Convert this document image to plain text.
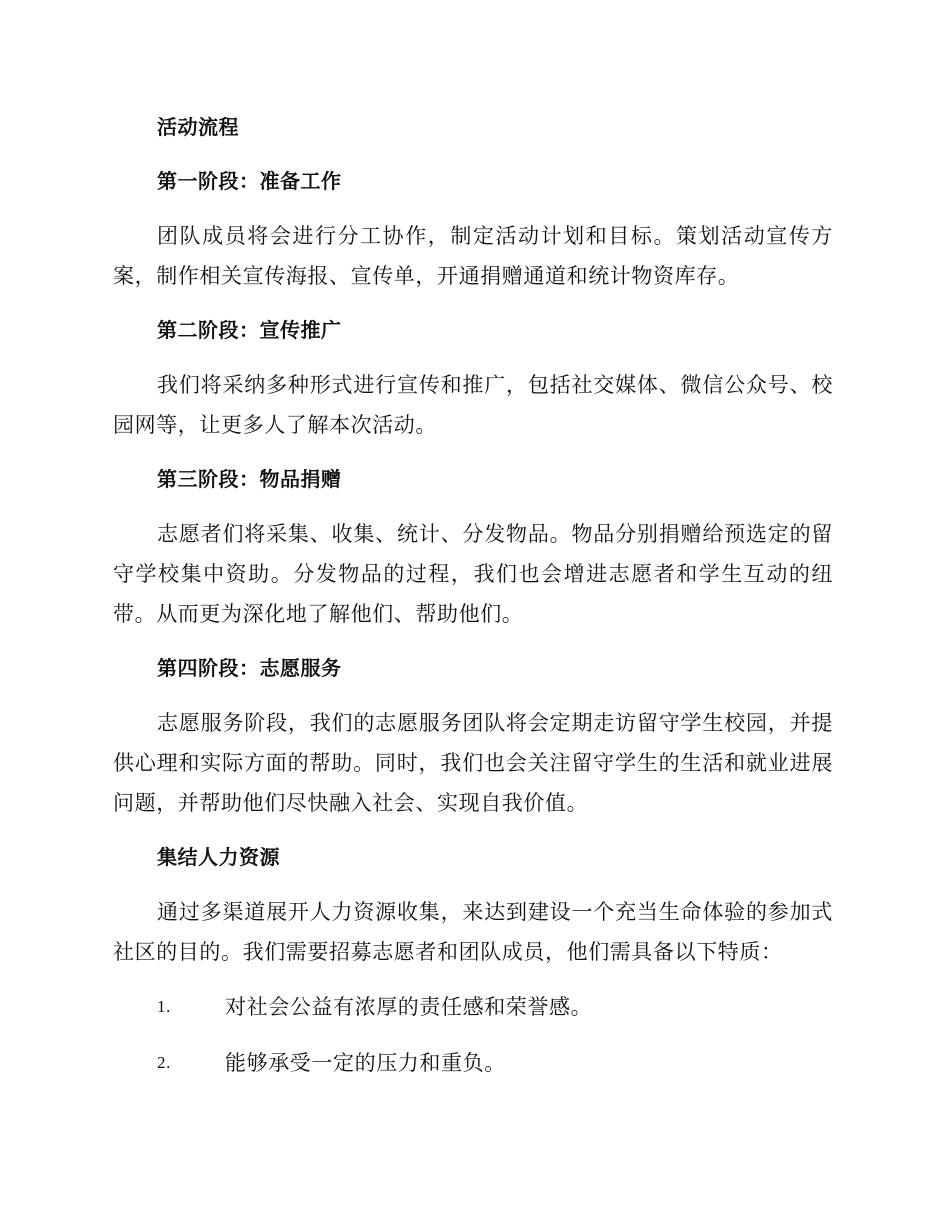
活动流程
第一阶段：准备工作

团队成员将会进行分工协作，制定活动计划和目标。策划活动宣传方案，制作相关宣传海报、宣传单，开通捐赠通道和统计物资库存。

第二阶段：宣传推广

我们将采纳多种形式进行宣传和推广，包括社交媒体、微信公众号、校园网等，让更多人了解本次活动。

第三阶段：物品捐赠

志愿者们将采集、收集、统计、分发物品。物品分别捐赠给预选定的留守学校集中资助。分发物品的过程，我们也会增进志愿者和学生互动的纽带。从而更为深化地了解他们、帮助他们。

第四阶段：志愿服务

志愿服务阶段，我们的志愿服务团队将会定期走访留守学生校园，并提供心理和实际方面的帮助。同时，我们也会关注留守学生的生活和就业进展问题，并帮助他们尽快融入社会、实现自我价值。

集结人力资源

通过多渠道展开人力资源收集，来达到建设一个充当生命体验的参加式社区的目的。我们需要招募志愿者和团队成员，他们需具备以下特质：

1.	对社会公益有浓厚的责任感和荣誉感。
2.	能够承受一定的压力和重负。
